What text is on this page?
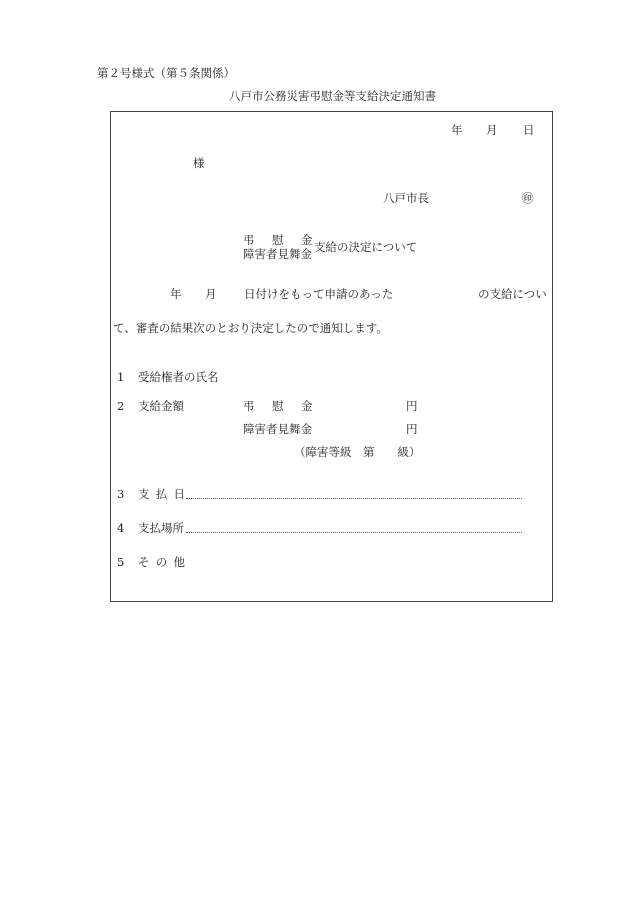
第２号様式（第５条関係）
八戸市公務災害弔慰金等支給決定通知書
年 月 日
様
八戸市長	㊞
弔　慰　金
障害者見舞金 支給の決定について
年 月 日付けをもって申請のあった	の支給につい
て、審査の結果次のとおり決定したので通知します。
1 受給権者の氏名
2 支給金額	弔　慰　金	円
障害者見舞金	円
（障害等級　第　　級）
3 支 払 日
4 支払場所
5 そ の 他
